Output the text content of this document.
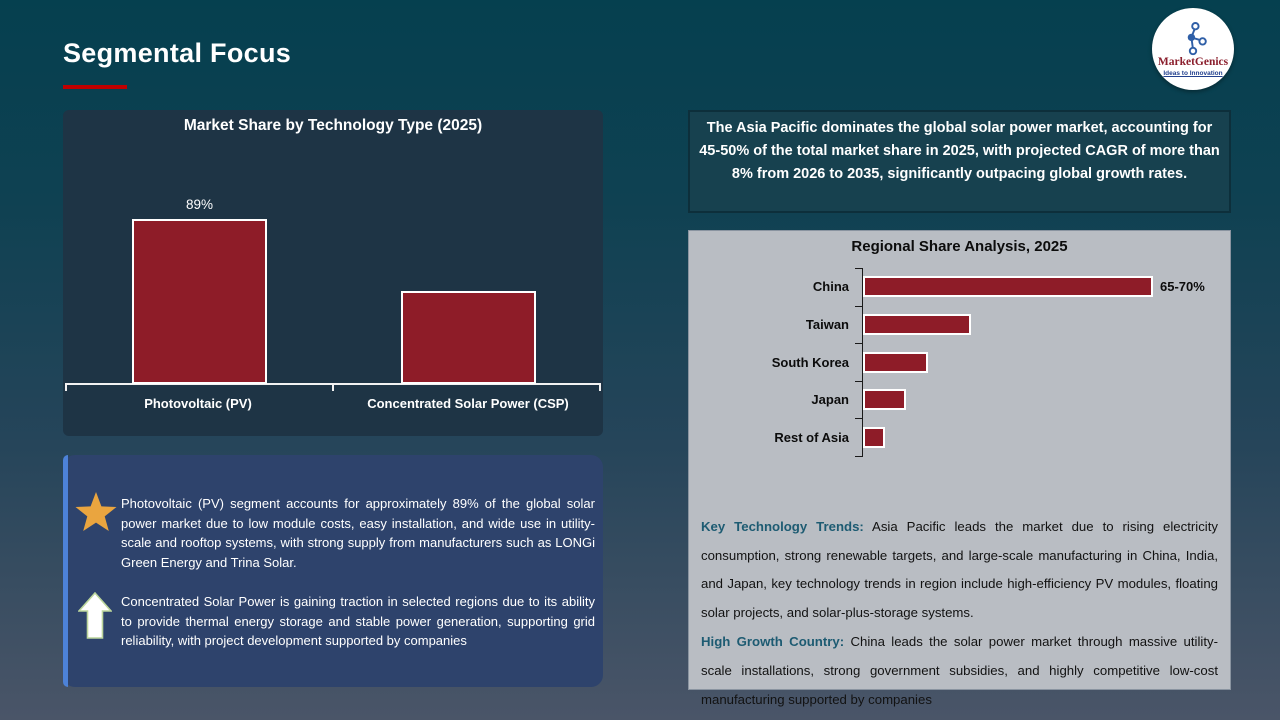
Segmental Focus	MarketGenics
Ideas to Innovation
Market Share by Technology Type (2025)
89%
Photovoltaic (PV)	Concentrated Solar Power (CSP)

Photovoltaic (PV) segment accounts for approximately 89% of the global solar power market due to low module costs, easy installation, and wide use in utility-scale and rooftop systems, with strong supply from manufacturers such as LONGi Green Energy and Trina Solar.

Concentrated Solar Power is gaining traction in selected regions due to its ability to provide thermal energy storage and stable power generation, supporting grid reliability, with project development supported by companies

The Asia Pacific dominates the global solar power market, accounting for 45-50% of the total market share in 2025, with projected CAGR of more than 8% from 2026 to 2035, significantly outpacing global growth rates.

Regional Share Analysis, 2025
China	65-70%
Taiwan
South Korea
Japan
Rest of Asia

Key Technology Trends: Asia Pacific leads the market due to rising electricity consumption, strong renewable targets, and large-scale manufacturing in China, India, and Japan, key technology trends in region include high-efficiency PV modules, floating solar projects, and solar-plus-storage systems.

High Growth Country: China leads the solar power market through massive utility-scale installations, strong government subsidies, and highly competitive low-cost manufacturing supported by companies
